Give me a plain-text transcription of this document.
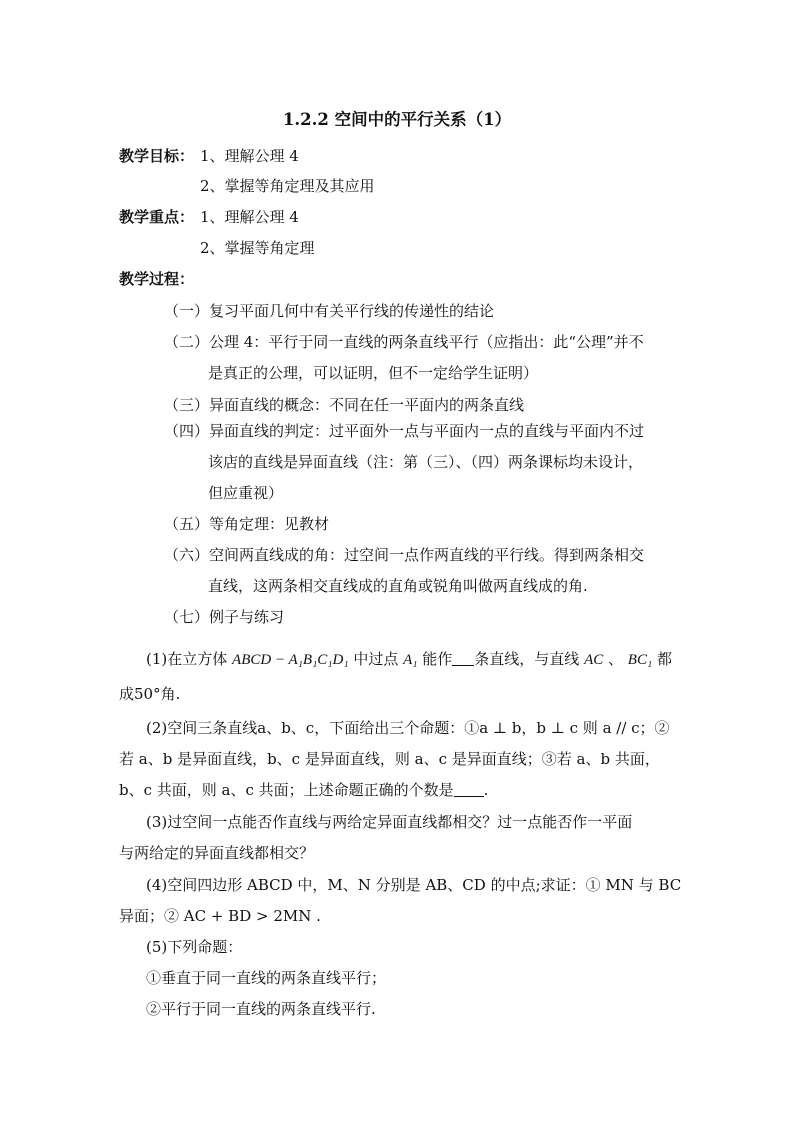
1.2.2 空间中的平行关系（1）
教学目标： 1、理解公理 4
2、掌握等角定理及其应用
教学重点： 1、理解公理 4
2、掌握等角定理
教学过程：
（一）复习平面几何中有关平行线的传递性的结论
（二）公理 4：平行于同一直线的两条直线平行（应指出：此“公理”并不
是真正的公理，可以证明，但不一定给学生证明）
（三）异面直线的概念：不同在任一平面内的两条直线
（四）异面直线的判定：过平面外一点与平面内一点的直线与平面内不过
该店的直线是异面直线（注：第（三）、（四）两条课标均未设计，
但应重视）
（五）等角定理：见教材
（六）空间两直线成的角：过空间一点作两直线的平行线。得到两条相交
直线，这两条相交直线成的直角或锐角叫做两直线成的角.
（七）例子与练习
(1)在立方体 ABCD − A₁B₁C₁D₁ 中过点 A₁ 能作 条直线，与直线 AC 、 BC₁ 都
成50°角.
(2)空间三条直线a、b、c，下面给出三个命题：①a ⊥ b，b ⊥ c 则 a // c；②
若 a、b 是异面直线，b、c 是异面直线，则 a、c 是异面直线；③若 a、b 共面，
b、c 共面，则 a、c 共面；上述命题正确的个数是 .
(3)过空间一点能否作直线与两给定异面直线都相交？过一点能否作一平面
与两给定的异面直线都相交？
(4)空间四边形 ABCD 中，M、N 分别是 AB、CD 的中点;求证：① MN 与 BC
异面；② AC + BD > 2MN .
(5)下列命题：
①垂直于同一直线的两条直线平行；
②平行于同一直线的两条直线平行.
